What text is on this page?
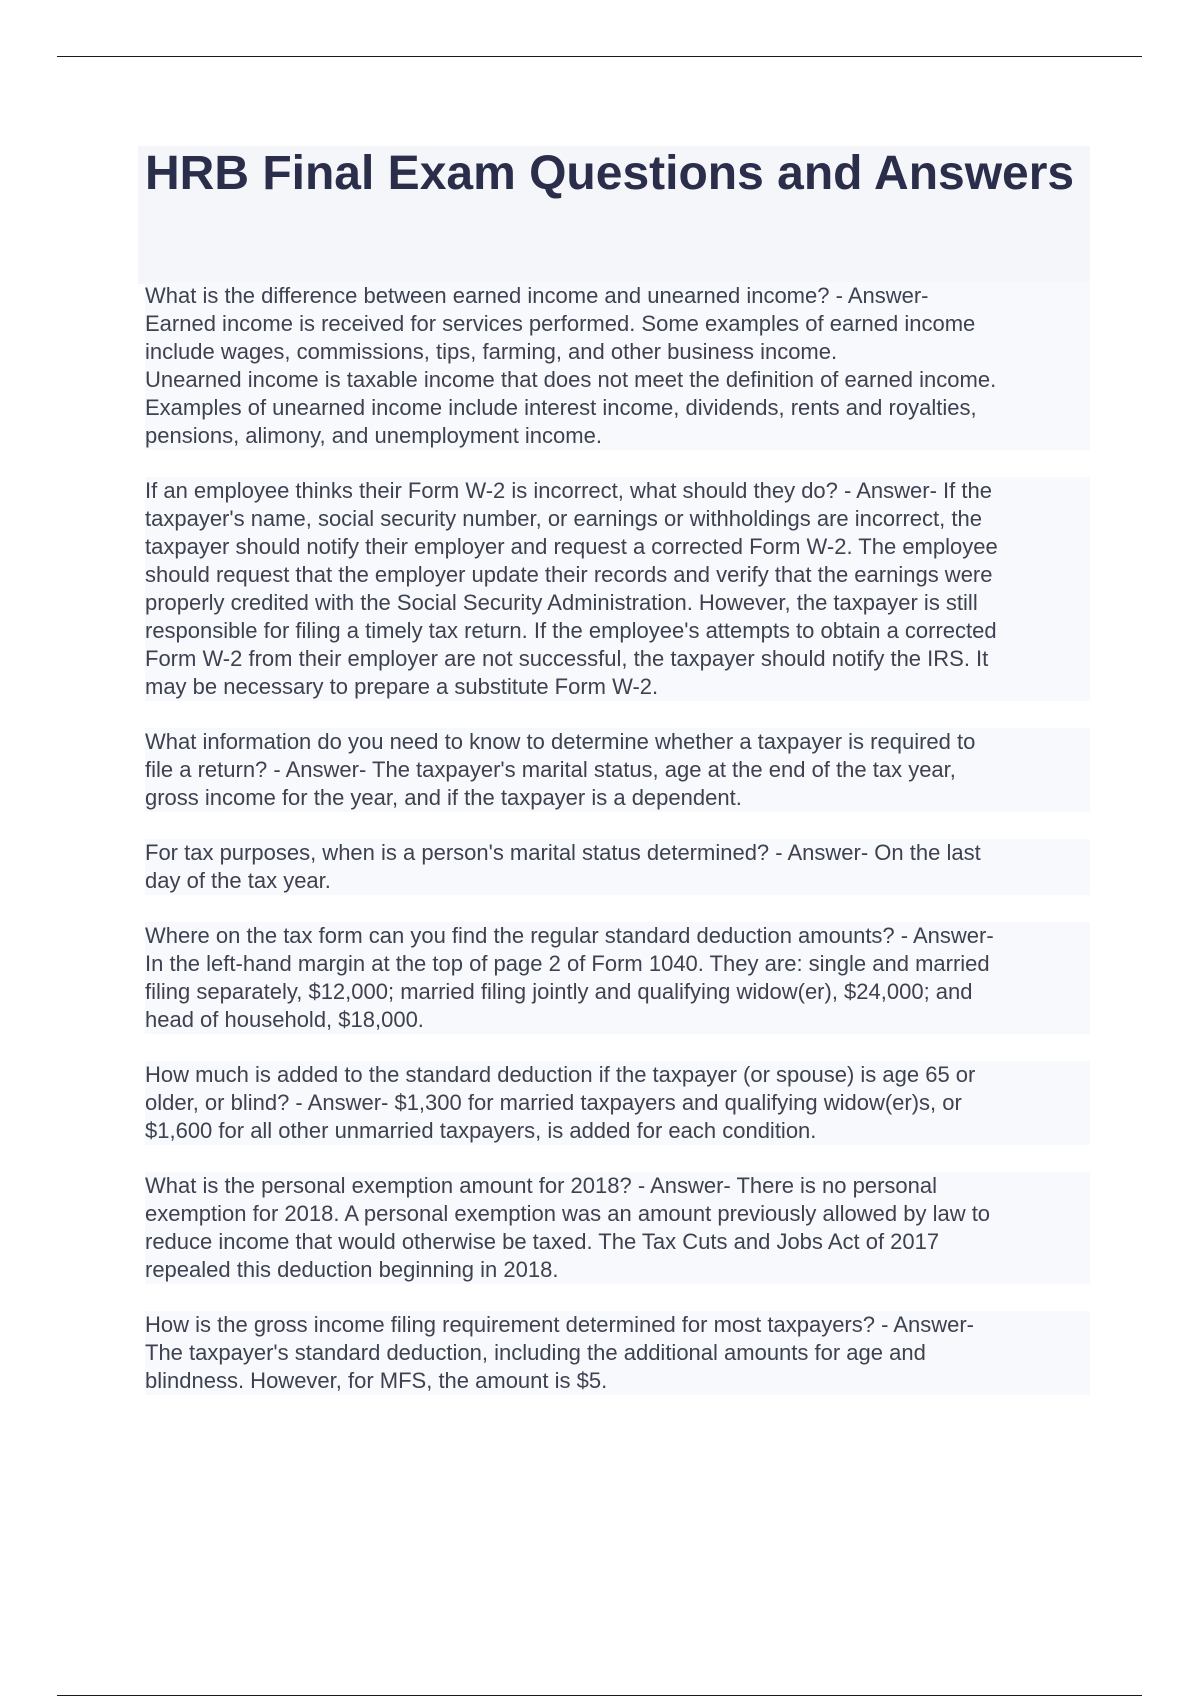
HRB Final Exam Questions and Answers

What is the difference between earned income and unearned income? - Answer-
Earned income is received for services performed. Some examples of earned income
include wages, commissions, tips, farming, and other business income.
Unearned income is taxable income that does not meet the definition of earned income.
Examples of unearned income include interest income, dividends, rents and royalties,
pensions, alimony, and unemployment income.

If an employee thinks their Form W-2 is incorrect, what should they do? - Answer- If the
taxpayer's name, social security number, or earnings or withholdings are incorrect, the
taxpayer should notify their employer and request a corrected Form W-2. The employee
should request that the employer update their records and verify that the earnings were
properly credited with the Social Security Administration. However, the taxpayer is still
responsible for filing a timely tax return. If the employee's attempts to obtain a corrected
Form W-2 from their employer are not successful, the taxpayer should notify the IRS. It
may be necessary to prepare a substitute Form W-2.

What information do you need to know to determine whether a taxpayer is required to
file a return? - Answer- The taxpayer's marital status, age at the end of the tax year,
gross income for the year, and if the taxpayer is a dependent.

For tax purposes, when is a person's marital status determined? - Answer- On the last
day of the tax year.

Where on the tax form can you find the regular standard deduction amounts? - Answer-
In the left-hand margin at the top of page 2 of Form 1040. They are: single and married
filing separately, $12,000; married filing jointly and qualifying widow(er), $24,000; and
head of household, $18,000.

How much is added to the standard deduction if the taxpayer (or spouse) is age 65 or
older, or blind? - Answer- $1,300 for married taxpayers and qualifying widow(er)s, or
$1,600 for all other unmarried taxpayers, is added for each condition.

What is the personal exemption amount for 2018? - Answer- There is no personal
exemption for 2018. A personal exemption was an amount previously allowed by law to
reduce income that would otherwise be taxed. The Tax Cuts and Jobs Act of 2017
repealed this deduction beginning in 2018.

How is the gross income filing requirement determined for most taxpayers? - Answer-
The taxpayer's standard deduction, including the additional amounts for age and
blindness. However, for MFS, the amount is $5.
